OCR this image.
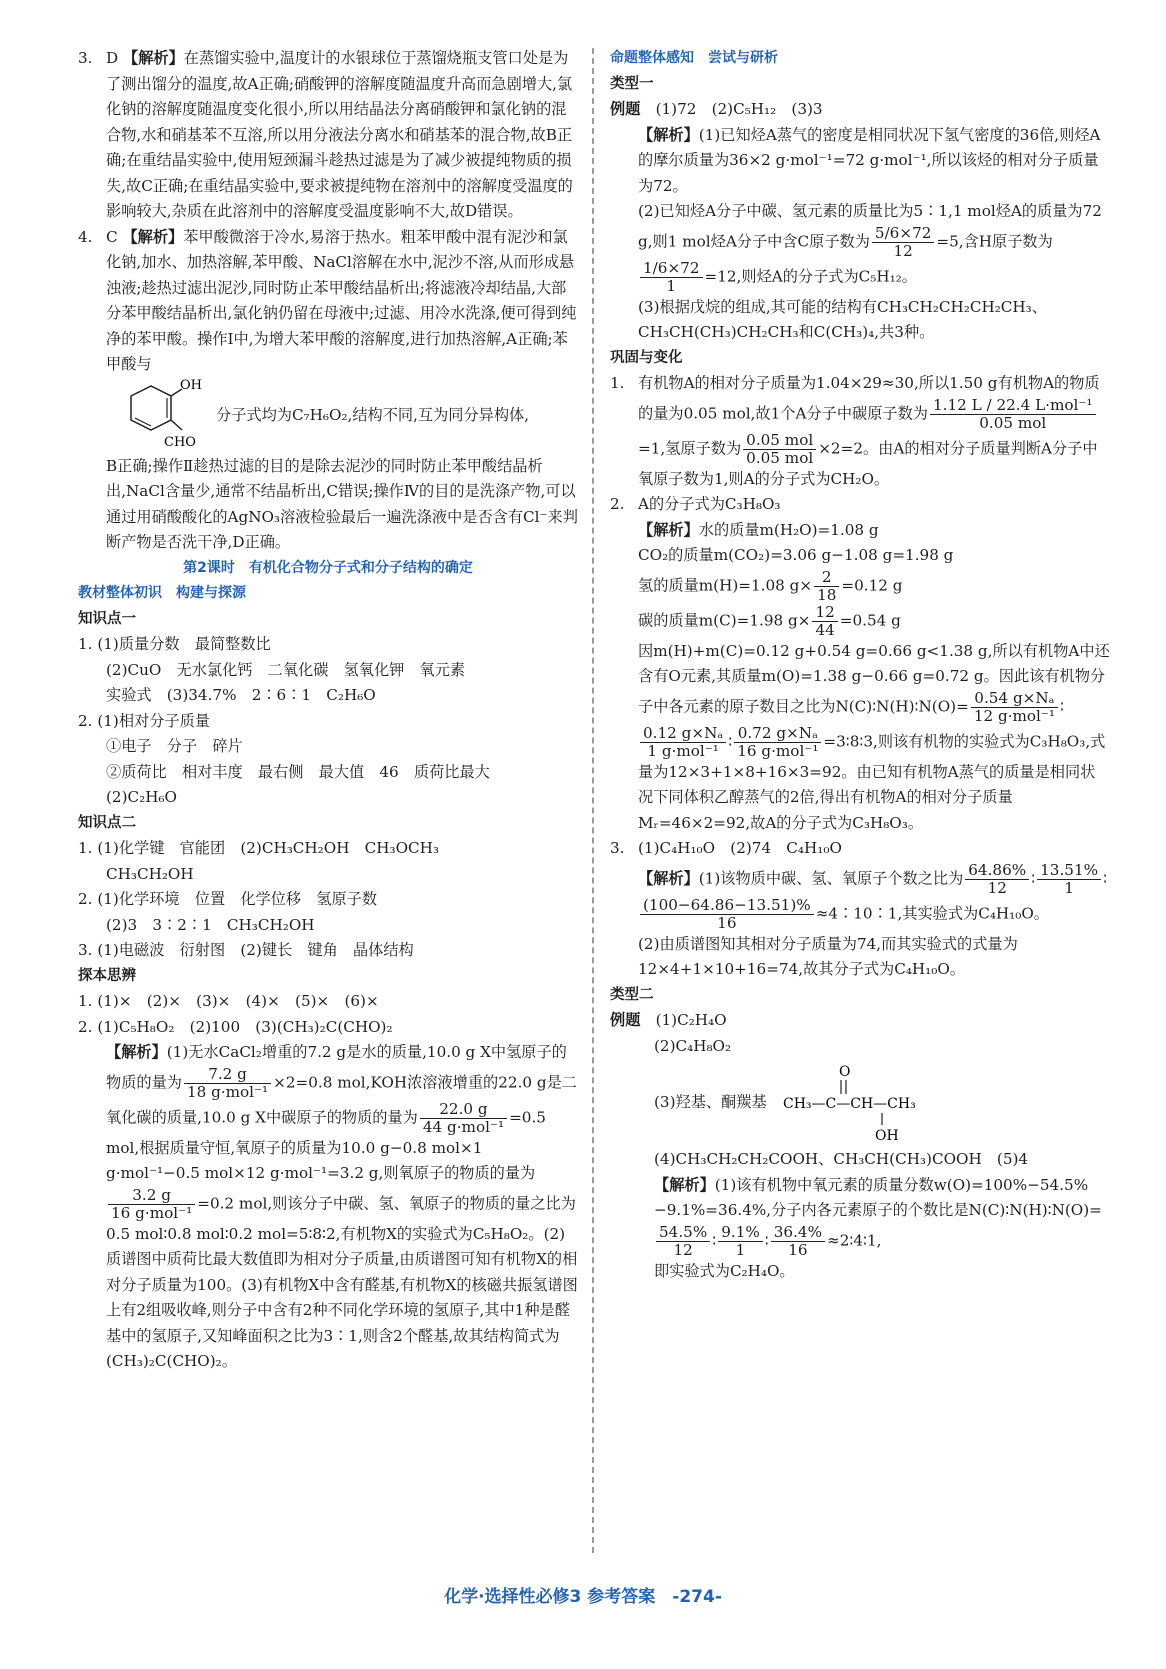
3. D 【解析】在蒸馏实验中,温度计的水银球位于蒸馏烧瓶支管口处是为了测出馏分的温度,故A正确;硝酸钾的溶解度随温度升高而急剧增大,氯化钠的溶解度随温度变化很小,所以用结晶法分离硝酸钾和氯化钠的混合物,水和硝基苯不互溶,所以用分液法分离水和硝基苯的混合物,故B正确;在重结晶实验中,使用短颈漏斗趁热过滤是为了减少被提纯物质的损失,故C正确;在重结晶实验中,要求被提纯物在溶剂中的溶解度受温度的影响较大,杂质在此溶剂中的溶解度受温度影响不大,故D错误。

4. C 【解析】苯甲酸微溶于冷水,易溶于热水。粗苯甲酸中混有泥沙和氯化钠,加水、加热溶解,苯甲酸、NaCl溶解在水中,泥沙不溶,从而形成悬浊液;趁热过滤出泥沙,同时防止苯甲酸结晶析出;将滤液冷却结晶,大部分苯甲酸结晶析出,氯化钠仍留在母液中;过滤、用冷水洗涤,便可得到纯净的苯甲酸。操作Ⅰ中,为增大苯甲酸的溶解度,进行加热溶解,A正确;苯甲酸与

OH
CHO
分子式均为C₇H₆O₂,结构不同,互为同分异构体,

B正确;操作Ⅱ趁热过滤的目的是除去泥沙的同时防止苯甲酸结晶析出,NaCl含量少,通常不结晶析出,C错误;操作Ⅳ的目的是洗涤产物,可以通过用硝酸酸化的AgNO₃溶液检验最后一遍洗涤液中是否含有Cl⁻来判断产物是否洗干净,D正确。

第2课时　有机化合物分子式和分子结构的确定

教材整体初识　构建与探源

知识点一

1. (1)质量分数　最简整数比

(2)CuO　无水氯化钙　二氧化碳　氢氧化钾　氧元素

实验式　(3)34.7%　2∶6∶1　C₂H₆O

2. (1)相对分子质量

①电子　分子　碎片

②质荷比　相对丰度　最右侧　最大值　46　质荷比最大

(2)C₂H₆O

知识点二

1. (1)化学键　官能团　(2)CH₃CH₂OH　CH₃OCH₃

CH₃CH₂OH

2. (1)化学环境　位置　化学位移　氢原子数

(2)3　3∶2∶1　CH₃CH₂OH

3. (1)电磁波　衍射图　(2)键长　键角　晶体结构

探本思辨

1. (1)×　(2)×　(3)×　(4)×　(5)×　(6)×

2. (1)C₅H₈O₂　(2)100　(3)(CH₃)₂C(CHO)₂

【解析】(1)无水CaCl₂增重的7.2 g是水的质量,10.0 g X中氢原子的物质的量为 $\frac{7.2 g}{\text{18 g·mol⁻¹}} \times 2=0.8$ mol,KOH浓溶液增重的22.0 g是二氧化碳的质量,10.0 g X中碳原子的物质的量为 $\frac{22.0 g}{\text{44 g·mol⁻¹}} =0.5$ mol,根据质量守恒,氧原子的质量为10.0 g−0.8 mol×1 g·mol⁻¹−0.5 mol×12 g·mol⁻¹=3.2 g,则氧原子的物质的量为
$\frac{3.2 g}{\text{16 g·mol⁻¹}} =0.2$ mol,则该分子中碳、氢、氧原子的物质的量之比为0.5 mol∶0.8 mol∶0.2 mol=5∶8∶2,有机物X的实验式为C₅H₈O₂。(2)质谱图中质荷比最大数值即为相对分子质量,由质谱图可知有机物X的相对分子质量为100。(3)有机物X中含有醛基,有机物X的核磁共振氢谱图上有2组吸收峰,则分子中含有2种不同化学环境的氢原子,其中1种是醛基中的氢原子,又知峰面积之比为3∶1,则含2个醛基,故其结构简式为(CH₃)₂C(CHO)₂。

命题整体感知　尝试与研析

类型一

例题　 (1)72　(2)C₅H₁₂　(3)3

【解析】(1)已知烃A蒸气的密度是相同状况下氢气密度的36倍,则烃A的摩尔质量为36×2 g·mol⁻¹=72 g·mol⁻¹,所以该烃的相对分子质量为72。

(2)已知烃A分子中碳、氢元素的质量比为5∶1,1 mol烃A的质量为72 g,则1 mol烃A分子中含C原子数为 $\frac{5/6\times 72}{12} =5$,含H原子数为
$\frac{1/6\times 72}{1} =12$,则烃A的分子式为C₅H₁₂。

(3)根据戊烷的组成,其可能的结构有CH₃CH₂CH₂CH₂CH₃、CH₃CH(CH₃)CH₂CH₃和C(CH₃)₄,共3种。

巩固与变化

1. 有机物A的相对分子质量为1.04×29≈30,所以1.50 g有机物A的物质的量为0.05 mol,故1个A分子中碳原子数为 $\frac{\text{1.12 L / 22.4 L·mol⁻¹}}{\text{0.05 mol}}$
=1,氢原子数为 $\frac{\text{0.05 mol}}{\text{0.05 mol}} \times 2=2$。由A的相对分子质量判断A分子中氧原子数为1,则A的分子式为CH₂O。

2. A的分子式为C₃H₈O₃

【解析】水的质量m(H₂O)=1.08 g

CO₂的质量m(CO₂)=3.06 g−1.08 g=1.98 g

氢的质量m(H)=1.08 $g\times \frac{2}{18} =0.12$ g

碳的质量m(C)=1.98 $g\times \frac{12}{44} =0.54$ g

因m(H)+m(C)=0.12 g+0.54 g=0.66 g<1.38 g,所以有机物A中还含有O元素,其质量m(O)=1.38 g−0.66 g=0.72 g。因此该有机物分子中各元素的原子数目之比为N(C)∶N(H)∶N(O)= $\frac{\text{0.54 g×Nₐ}}{\text{12 g·mol⁻¹}}$ ∶
$\frac{\text{0.12 g×Nₐ}}{\text{1 g·mol⁻¹}}$ ∶ $\frac{\text{0.72 g×Nₐ}}{\text{16 g·mol⁻¹}}$ =3∶8∶3,则该有机物的实验式为C₃H₈O₃,式量为12×3+1×8+16×3=92。由已知有机物A蒸气的质量是相同状况下同体积乙醇蒸气的2倍,得出有机物A的相对分子质量Mᵣ=46×2=92,故A的分子式为C₃H₈O₃。

3. (1)C₄H₁₀O　(2)74　C₄H₁₀O

【解析】(1)该物质中碳、氢、氧原子个数之比为 $\frac{64.86\%}{12}$ ∶ $\frac{13.51\%}{1}$ ∶
$\frac{(100-64.86-13.51)\%}{16}$ ≈4∶10∶1,其实验式为C₄H₁₀O。

(2)由质谱图知其相对分子质量为74,而其实验式的式量为12×4+1×10+16=74,故其分子式为C₄H₁₀O。

类型二

例题　 (1)C₂H₄O

(2)C₄H₈O₂

(3)羟基、酮羰基 CH₃—C—CH—CH₃
O
OH

(4)CH₃CH₂CH₂COOH、CH₃CH(CH₃)COOH　(5)4

【解析】(1)该有机物中氧元素的质量分数w(O)=100%−54.5%−9.1%=36.4%,分子内各元素原子的个数比是N(C)∶N(H)∶N(O)=
$\frac{54.5\%}{12}$ ∶ $\frac{9.1\%}{1}$ ∶ $\frac{36.4\%}{16}$ ≈2∶4∶1,

即实验式为C₂H₄O。

化学·选择性必修3 参考答案　-274-
